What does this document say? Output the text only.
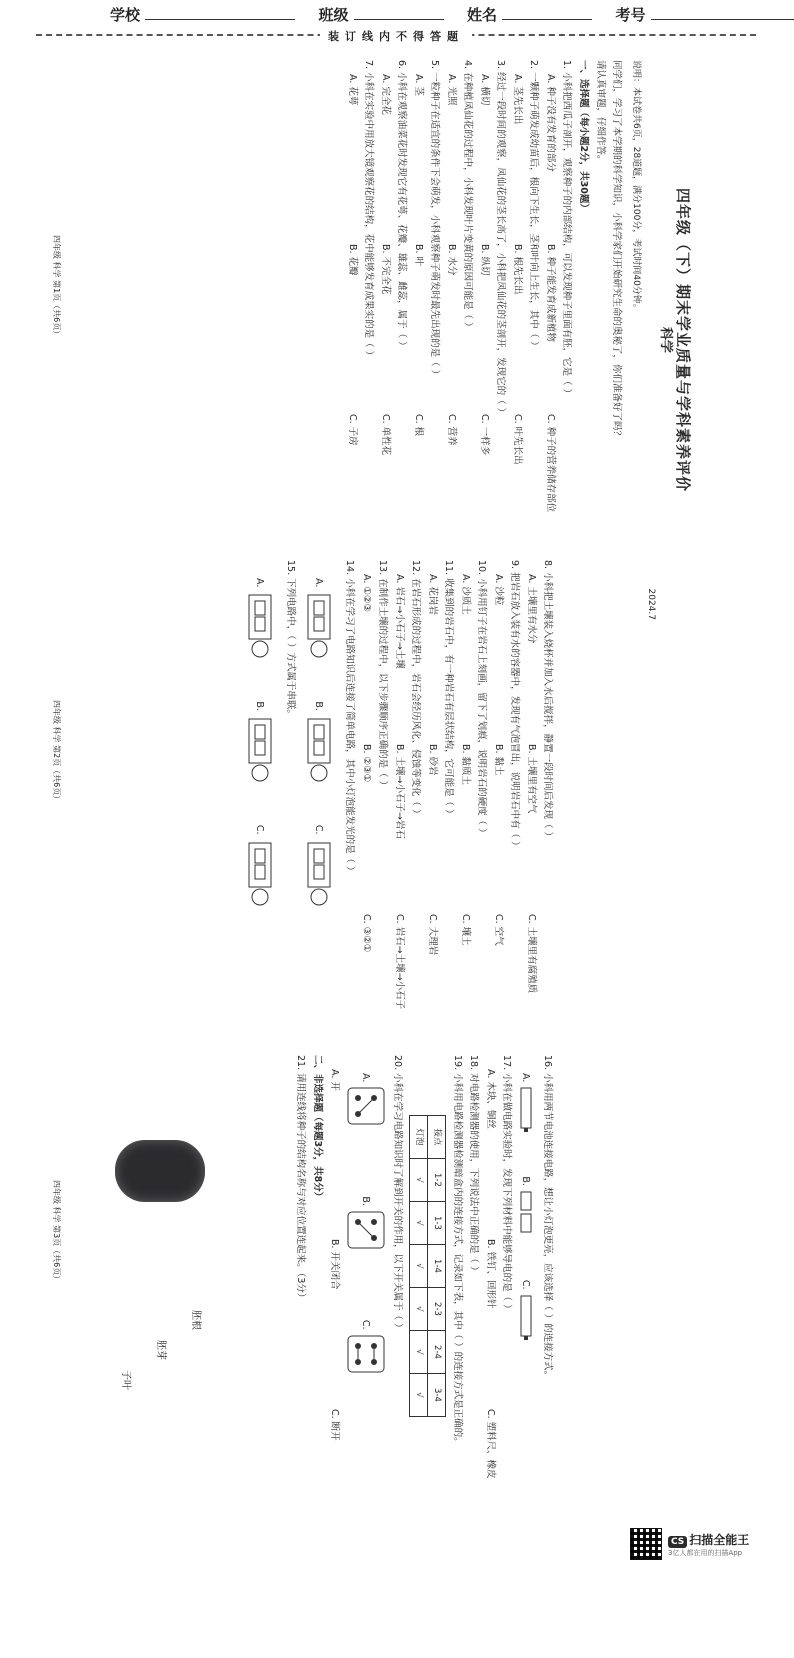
学校	班级	姓名	考号
装订线内不得答题

四年级（下）期末学业质量与学科素养评价

科学

2024.7

说明：本试卷共6页，28道题，满分100分，考试时间40分钟。

同学们，学习了本学期的科学知识，小科学家们开始研究生命的奥秘了，你们准备好了吗？

请认真审题，仔细作答。

一、选择题（每小题2分，共30题）

1. 小科把西瓜子剖开，观察种子的内部结构，可以发现种子里面有胚，它是（ ）

A. 种子没有发育的部分B. 种子能发育成新植物C. 种子的营养储存部位

2. 一颗种子萌发成幼苗后，根向下生长，茎和叶向上生长，其中（ ）

A. 茎先长出B. 根先长出C. 叶先长出

3. 经过一段时间的观察，凤仙花的茎长高了，小科把凤仙花的茎剖开，发现它的（ ）

A. 横切B. 纵切C. 一样多

4. 在种植凤仙花的过程中，小科发现叶片变黄的原因可能是（ ）

A. 光照B. 水分C. 营养

5. 一粒种子在适宜的条件下会萌发，小科观察种子萌发时最先出现的是（ ）

A. 茎B. 叶C. 根

6. 小科在观察油菜花时发现它有花萼、花瓣、雄蕊、雌蕊，属于（ ）

A. 完全花B. 不完全花C. 单性花

7. 小科在实验中用放大镜观察花的结构，花中能够发育成果实的是（ ）

A. 花萼B. 花瓣C. 子房

四年级 科学 第1页（共6页）

8. 小科把土壤装入烧杯并加入水后搅拌，静置一段时间后发现（ ）

A. 土壤里有水分B. 土壤里有空气C. 土壤里有腐殖质

9. 把岩石放入装有水的容器中，发现有气泡冒出，说明岩石中有（ ）

A. 沙粒B. 黏土C. 空气

10. 小科用钉子在岩石上刻画，留下了划痕，说明岩石的硬度（ ）

A. 沙质土B. 黏质土C. 壤土

11. 收集到的岩石中，有一种岩石有层状结构，它可能是（ ）

A. 花岗岩B. 砂岩C. 大理岩

12. 在岩石形成的过程中，岩石会经历风化、侵蚀等变化（ ）

A. 岩石→小石子→土壤B. 土壤→小石子→岩石C. 岩石→土壤→小石子

13. 在制作土壤的过程中，以下步骤顺序正确的是（ ）

A. ①②③B. ②③①C. ③②①

14. 小科在学习了电路知识后连接了简单电路，其中小灯泡能发光的是（ ）

A.
B.
C.

15. 下列电路中，（ ）方式属于串联。

A.
B.
C.
四年级 科学 第2页（共6页）

16. 小科用两节电池连接电路，想让小灯泡更亮，应该选择（ ）的连接方式。

A.
B.
C.

17. 小科在做电路实验时，发现下列材料中能够导电的是（ ）

A. 木块、铜丝B. 铁钉、回形针C. 塑料尺、橡皮

18. 对电路检测器的使用，下列说法中正确的是（ ）

19. 小科用电路检测器检测暗盒内的连接方式，记录如下表，其中（ ）的连接方式是正确的。

接点	1-2	1-3	1-4	2-3	2-4	3-4
灯泡	√	√	√	√	√	√

20. 小科在学习电路知识时了解到开关的作用，以下开关属于（ ）

A.
B.
C.

A. 开B. 开关闭合C. 断开

二、非选择题（每题3分，共8分）

21. 请用连线将种子的结构名称与对应位置连起来。（3分）

胚根
胚芽
子叶
四年级 科学 第3页（共6页）
CS 扫描全能王
3亿人都在用的扫描App
